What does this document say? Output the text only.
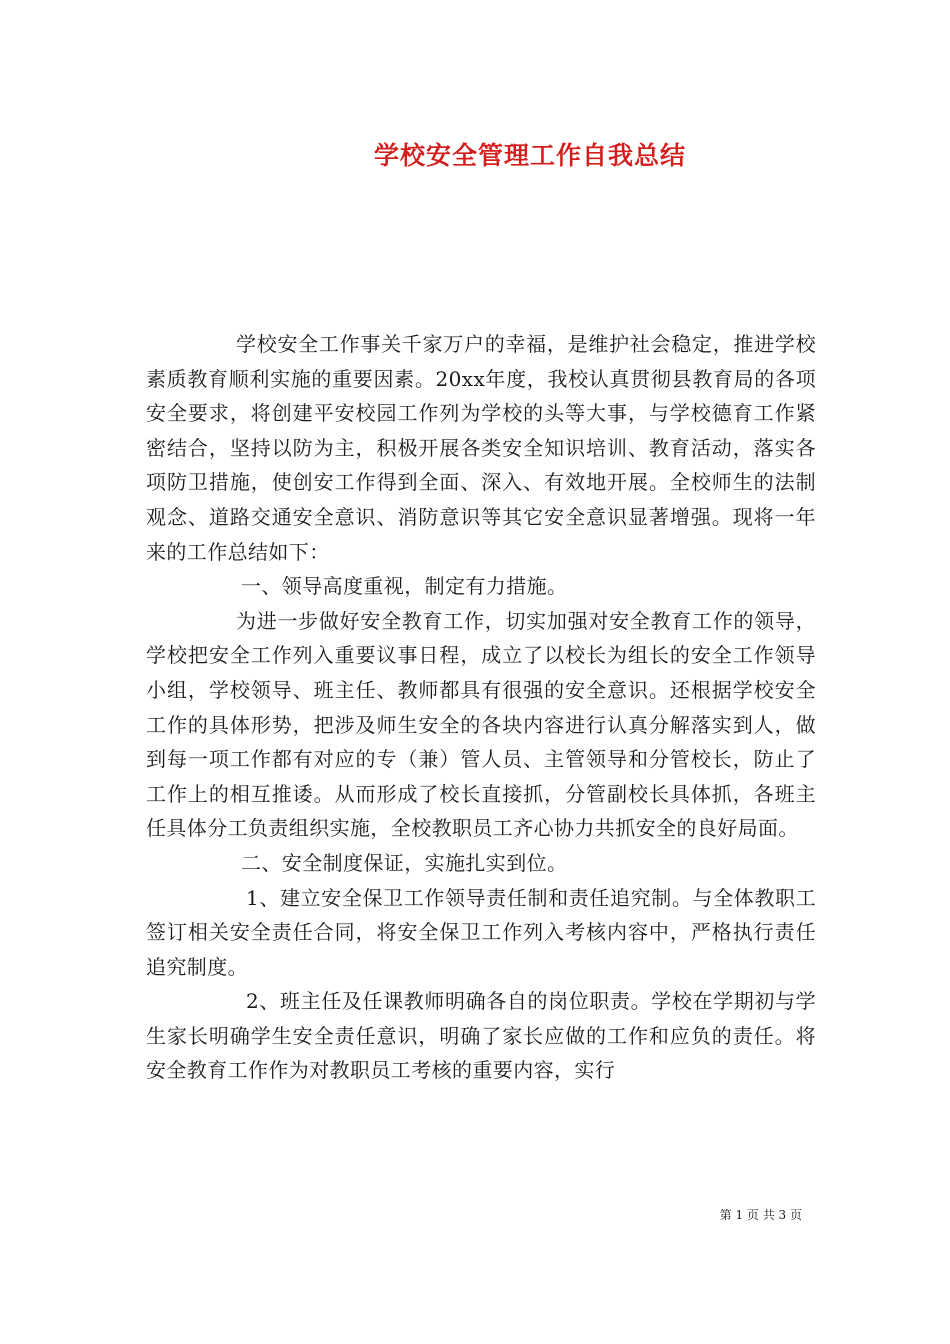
学校安全管理工作自我总结

学校安全工作事关千家万户的幸福，是维护社会稳定，推进学校素质教育顺利实施的重要因素。20xx年度，我校认真贯彻县教育局的各项安全要求，将创建平安校园工作列为学校的头等大事，与学校德育工作紧密结合，坚持以防为主，积极开展各类安全知识培训、教育活动，落实各项防卫措施，使创安工作得到全面、深入、有效地开展。全校师生的法制观念、道路交通安全意识、消防意识等其它安全意识显著增强。现将一年来的工作总结如下：

一、领导高度重视，制定有力措施。

为进一步做好安全教育工作，切实加强对安全教育工作的领导，学校把安全工作列入重要议事日程，成立了以校长为组长的安全工作领导小组，学校领导、班主任、教师都具有很强的安全意识。还根据学校安全工作的具体形势，把涉及师生安全的各块内容进行认真分解落实到人，做到每一项工作都有对应的专（兼）管人员、主管领导和分管校长，防止了工作上的相互推诿。从而形成了校长直接抓，分管副校长具体抓，各班主任具体分工负责组织实施，全校教职员工齐心协力共抓安全的良好局面。

二、安全制度保证，实施扎实到位。

1、建立安全保卫工作领导责任制和责任追究制。与全体教职工签订相关安全责任合同，将安全保卫工作列入考核内容中，严格执行责任追究制度。

2、班主任及任课教师明确各自的岗位职责。学校在学期初与学生家长明确学生安全责任意识，明确了家长应做的工作和应负的责任。将安全教育工作作为对教职员工考核的重要内容，实行

第 1 页 共 3 页
